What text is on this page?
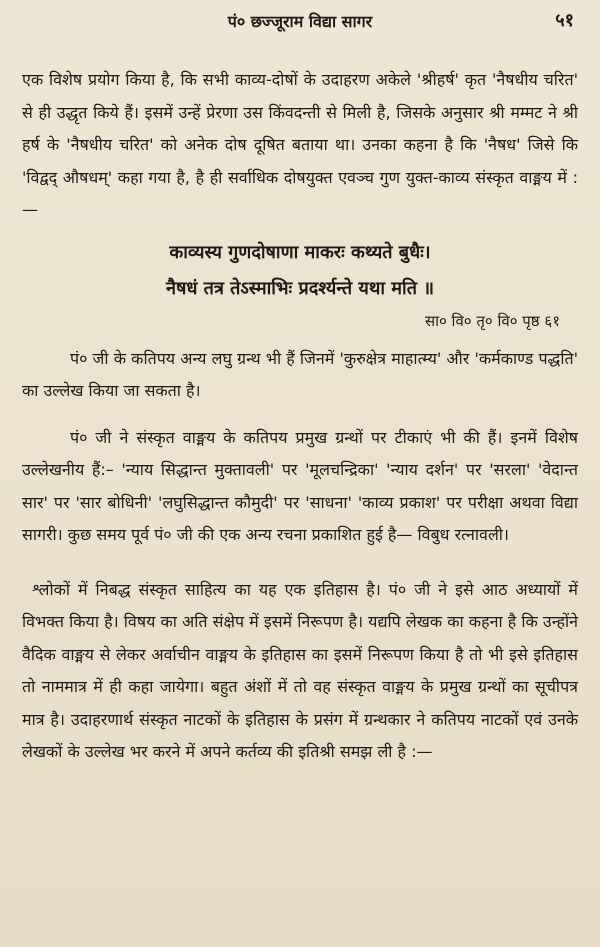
पं० छज्जूराम विद्या सागर	५१

एक विशेष प्रयोग किया है, कि सभी काव्य-दोषों के उदाहरण अकेले 'श्रीहर्ष' कृत 'नैषधीय चरित' से ही उद्धृत किये हैं। इसमें उन्हें प्रेरणा उस किंवदन्ती से मिली है, जिसके अनुसार श्री मम्मट ने श्री हर्ष के 'नैषधीय चरित' को अनेक दोष दूषित बताया था। उनका कहना है कि 'नैषध' जिसे कि 'विद्वद् औषधम्' कहा गया है, है ही सर्वाधिक दोषयुक्त एवञ्च गुण युक्त-काव्य संस्कृत वाङ्मय में :—

काव्यस्य गुणदोषाणा माकरः कथ्यते बुधैः।
नैषधं तत्र तेऽस्माभिः प्रदर्श्यन्ते यथा मति ॥
सा० वि० तृ० वि० पृष्ठ ६१

पं० जी के कतिपय अन्य लघु ग्रन्थ भी हैं जिनमें 'कुरुक्षेत्र माहात्म्य' और 'कर्मकाण्ड पद्धति' का उल्लेख किया जा सकता है।

पं० जी ने संस्कृत वाङ्मय के कतिपय प्रमुख ग्रन्थों पर टीकाएं भी की हैं। इनमें विशेष उल्लेखनीय हैं:– 'न्याय सिद्धान्त मुक्तावली' पर 'मूलचन्द्रिका' 'न्याय दर्शन' पर 'सरला' 'वेदान्त सार' पर 'सार बोधिनी' 'लघुसिद्धान्त कौमुदी' पर 'साधना' 'काव्य प्रकाश' पर परीक्षा अथवा विद्या सागरी। कुछ समय पूर्व पं० जी की एक अन्य रचना प्रकाशित हुई है— विबुध रत्नावली।

श्लोकों में निबद्ध संस्कृत साहित्य का यह एक इतिहास है। पं० जी ने इसे आठ अध्यायों में विभक्त किया है। विषय का अति संक्षेप में इसमें निरूपण है। यद्यपि लेखक का कहना है कि उन्होंने वैदिक वाङ्मय से लेकर अर्वाचीन वाङ्मय के इतिहास का इसमें निरूपण किया है तो भी इसे इतिहास तो नाममात्र में ही कहा जायेगा। बहुत अंशों में तो वह संस्कृत वाङ्मय के प्रमुख ग्रन्थों का सूचीपत्र मात्र है। उदाहरणार्थ संस्कृत नाटकों के इतिहास के प्रसंग में ग्रन्थकार ने कतिपय नाटकों एवं उनके लेखकों के उल्लेख भर करने में अपने कर्तव्य की इतिश्री समझ ली है :—
